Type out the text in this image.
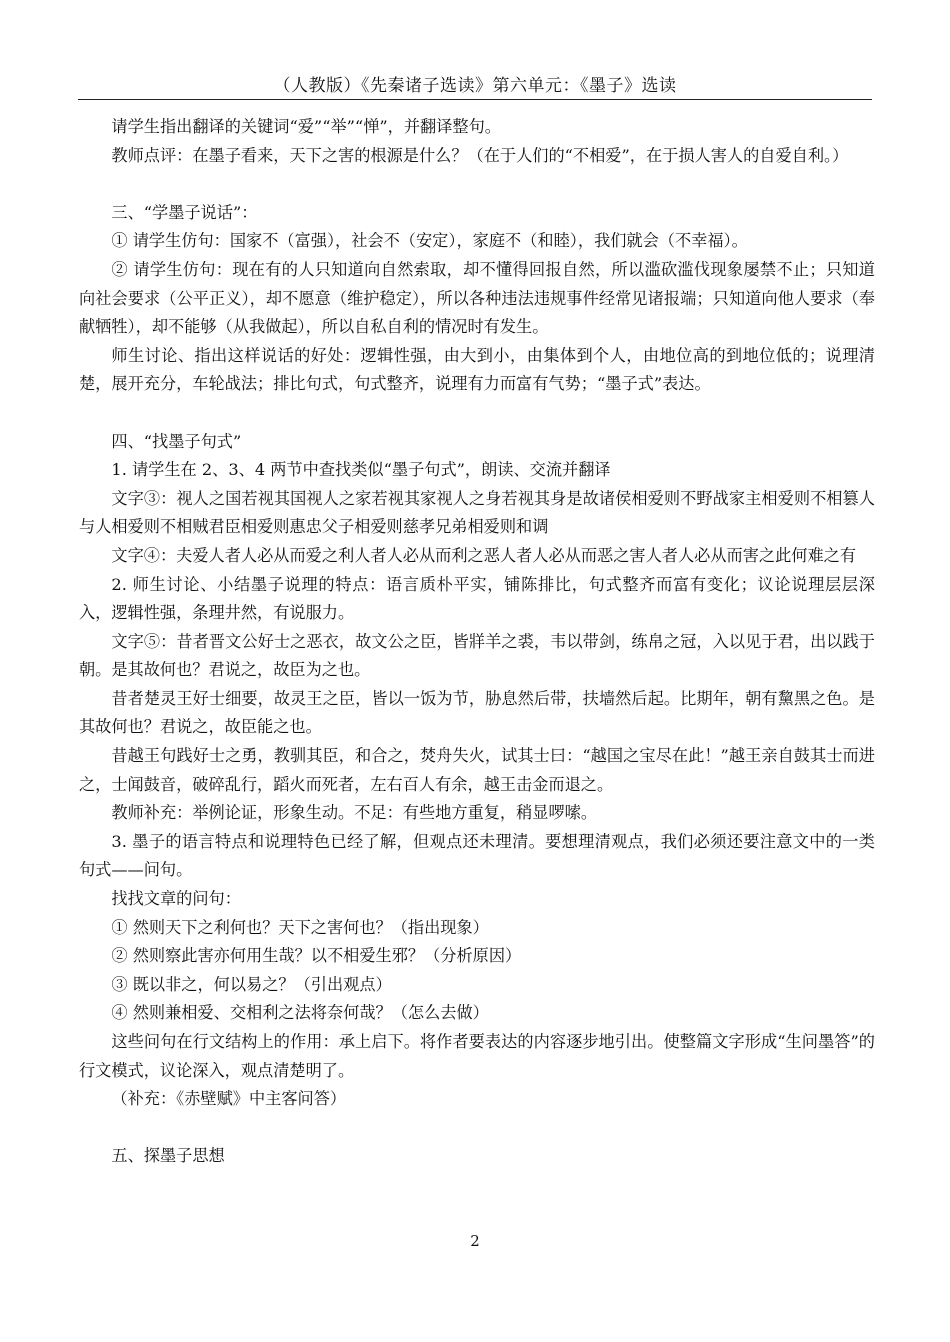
（人教版）《先秦诸子选读》第六单元：《墨子》选读

请学生指出翻译的关键词“爱”“举”“惮”，并翻译整句。

教师点评：在墨子看来，天下之害的根源是什么？（在于人们的“不相爱”，在于损人害人的自爱自利。）

三、“学墨子说话”：

① 请学生仿句：国家不（富强），社会不（安定），家庭不（和睦），我们就会（不幸福）。

② 请学生仿句：现在有的人只知道向自然索取，却不懂得回报自然，所以滥砍滥伐现象屡禁不止；只知道向社会要求（公平正义），却不愿意（维护稳定），所以各种违法违规事件经常见诸报端；只知道向他人要求（奉献牺牲），却不能够（从我做起），所以自私自利的情况时有发生。

师生讨论、指出这样说话的好处：逻辑性强，由大到小，由集体到个人，由地位高的到地位低的；说理清楚，展开充分，车轮战法；排比句式，句式整齐，说理有力而富有气势；“墨子式”表达。

四、“找墨子句式”

1. 请学生在 2、3、4 两节中查找类似“墨子句式”，朗读、交流并翻译

文字③：视人之国若视其国视人之家若视其家视人之身若视其身是故诸侯相爱则不野战家主相爱则不相篡人与人相爱则不相贼君臣相爱则惠忠父子相爱则慈孝兄弟相爱则和调

文字④：夫爱人者人必从而爱之利人者人必从而利之恶人者人必从而恶之害人者人必从而害之此何难之有

2. 师生讨论、小结墨子说理的特点：语言质朴平实，铺陈排比，句式整齐而富有变化；议论说理层层深入，逻辑性强，条理井然，有说服力。

文字⑤：昔者晋文公好士之恶衣，故文公之臣，皆牂羊之裘，韦以带剑，练帛之冠，入以见于君，出以践于朝。是其故何也？君说之，故臣为之也。

昔者楚灵王好士细要，故灵王之臣，皆以一饭为节，胁息然后带，扶墙然后起。比期年，朝有黧黑之色。是其故何也？君说之，故臣能之也。

昔越王句践好士之勇，教驯其臣，和合之，焚舟失火，试其士曰：“越国之宝尽在此！”越王亲自鼓其士而进之，士闻鼓音，破碎乱行，蹈火而死者，左右百人有余，越王击金而退之。

教师补充：举例论证，形象生动。不足：有些地方重复，稍显啰嗦。

3. 墨子的语言特点和说理特色已经了解，但观点还未理清。要想理清观点，我们必须还要注意文中的一类句式——问句。

找找文章的问句：

① 然则天下之利何也？天下之害何也？（指出现象）

② 然则察此害亦何用生哉？以不相爱生邪？（分析原因）

③ 既以非之，何以易之？（引出观点）

④ 然则兼相爱、交相利之法将奈何哉？（怎么去做）

这些问句在行文结构上的作用：承上启下。将作者要表达的内容逐步地引出。使整篇文字形成“生问墨答”的行文模式，议论深入，观点清楚明了。

（补充：《赤壁赋》中主客问答）

五、探墨子思想

2
